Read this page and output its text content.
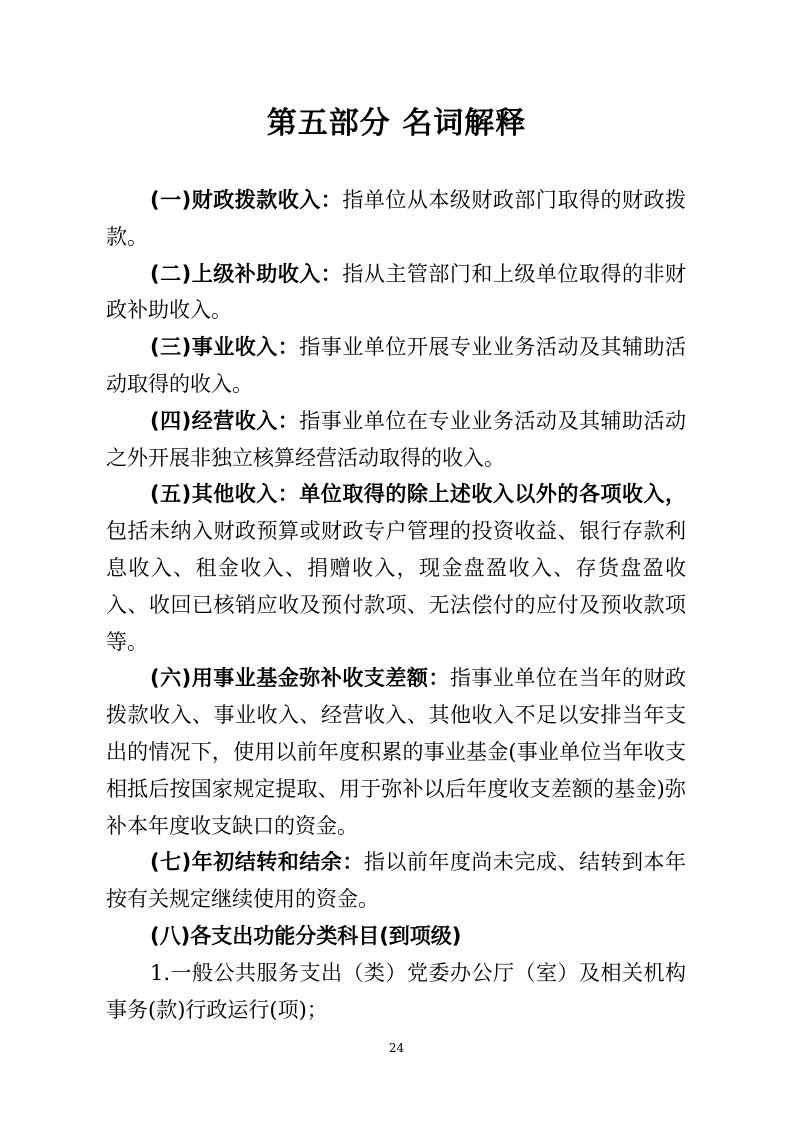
第五部分 名词解释

(一)财政拨款收入：指单位从本级财政部门取得的财政拨款。

(二)上级补助收入：指从主管部门和上级单位取得的非财政补助收入。

(三)事业收入：指事业单位开展专业业务活动及其辅助活动取得的收入。

(四)经营收入：指事业单位在专业业务活动及其辅助活动之外开展非独立核算经营活动取得的收入。

(五)其他收入：单位取得的除上述收入以外的各项收入，包括未纳入财政预算或财政专户管理的投资收益、银行存款利息收入、租金收入、捐赠收入，现金盘盈收入、存货盘盈收入、收回已核销应收及预付款项、无法偿付的应付及预收款项等。

(六)用事业基金弥补收支差额：指事业单位在当年的财政拨款收入、事业收入、经营收入、其他收入不足以安排当年支出的情况下，使用以前年度积累的事业基金(事业单位当年收支相抵后按国家规定提取、用于弥补以后年度收支差额的基金)弥补本年度收支缺口的资金。

(七)年初结转和结余：指以前年度尚未完成、结转到本年按有关规定继续使用的资金。

(八)各支出功能分类科目(到项级)

1.一般公共服务支出（类）党委办公厅（室）及相关机构事务(款)行政运行(项)；

24
